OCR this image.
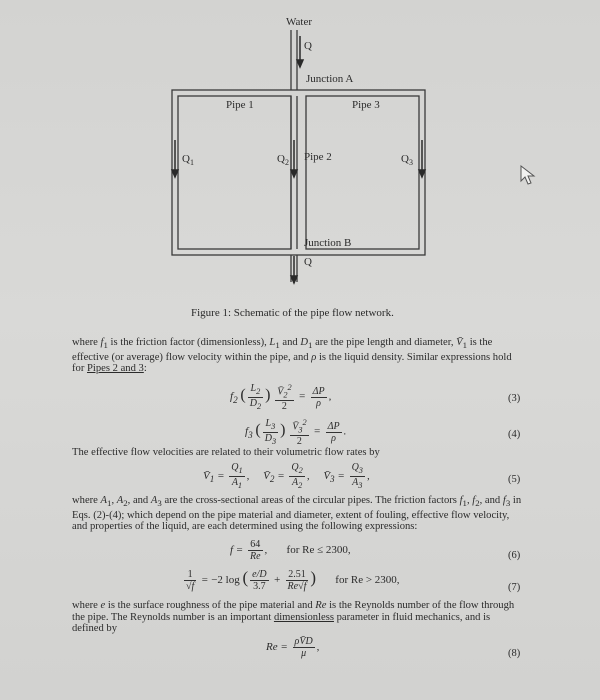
Water
Q
Junction A
Pipe 1	Pipe 3
$Q_1$	$Q_2$ Pipe 2	$Q_3$
Junction B
Q
Figure 1: Schematic of the pipe flow network.
where $f_1$ is the friction factor (dimensionless), $L_1$ and $D_1$ are the pipe length and diameter, $V̄_1$ is the effective (or average) flow velocity within the pipe, and ρ is the liquid density. Similar expressions hold for Pipes 2 and 3:
$f_2$ ( $\frac{L_2}{D_2}$ ) $\frac{V̄_2^2}{2} = \frac{\Delta P}{\rho}$ ,	(3)
$f_3$ ( $\frac{L_3}{D_3}$ ) $\frac{V̄_3^2}{2} = \frac{\Delta P}{\rho}$ .	(4)
The effective flow velocities are related to their volumetric flow rates by
$V̄_1 = \frac{Q_1}{A_1}$ ,     $V̄_2 = \frac{Q_2}{A_2}$ ,     $V̄_3 = \frac{Q_3}{A_3}$ ,	(5)
where $A_1$, $A_2$, and $A_3$ are the cross-sectional areas of the circular pipes. The friction factors $f_1$, $f_2$, and $f_3$ in Eqs. (2)-(4); which depend on the pipe material and diameter, extent of fouling, effective flow velocity, and properties of the liquid, are each determined using the following expressions:
$f = \frac{64}{Re}$ ,       for Re ≤ 2300,	(6)
$\frac{1}{√f} = -2$ log ( $\frac{e/D}{3.7} + \frac{2.51}{Re√f}$ ) for Re > 2300,
(7)
where e is the surface roughness of the pipe material and Re is the Reynolds number of the flow through the pipe. The Reynolds number is an important dimensionless parameter in fluid mechanics, and is defined by
$Re = \frac{\rho V̄D}{\mu}$ ,
(8)
